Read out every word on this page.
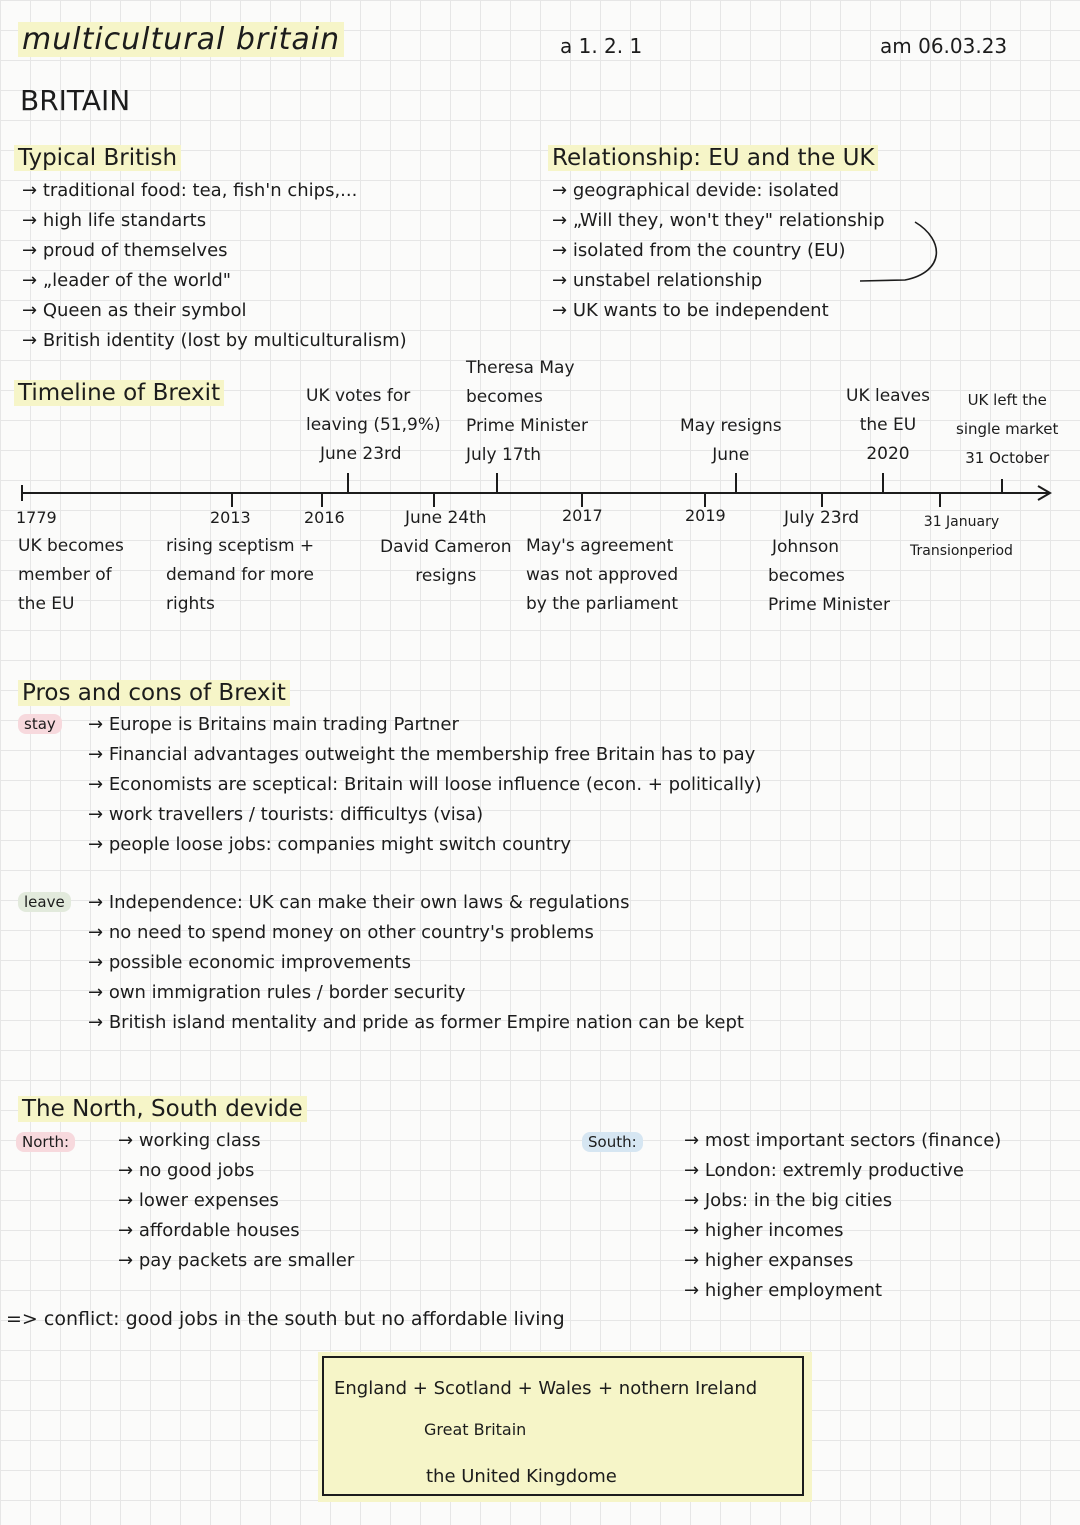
multicultural britain	a 1. 2. 1	am 06.03.23
BRITAIN
Typical British
→ traditional food: tea, fish'n chips,...
→ high life standarts
→ proud of themselves
→ „leader of the world"
→ Queen as their symbol
→ British identity (lost by multiculturalism)
Relationship: EU and the UK
→ geographical devide: isolated
→ „Will they, won't they" relationship
→ isolated from the country (EU)
→ unstabel relationship
→ UK wants to be independent
Timeline of Brexit
1779	2013	2016	2017	2019
UK votes for
leaving (51,9%)
June 23rd
Theresa May
becomes
Prime Minister
July 17th
May resigns
June
UK leaves
the EU
2020
UK left the
single market
31 October
UK becomes
member of
the EU
rising sceptism +
demand for more
rights
June 24th
David Cameron
resigns
May's agreement
was not approved
by the parliament
July 23rd
Johnson
becomes
Prime Minister
31 January
Transionperiod
Pros and cons of Brexit
stay	→ Europe is Britains main trading Partner
→ Financial advantages outweight the membership free Britain has to pay
→ Economists are sceptical: Britain will loose influence (econ. + politically)
→ work travellers / tourists: difficultys (visa)
→ people loose jobs: companies might switch country
leave	→ Independence: UK can make their own laws & regulations
→ no need to spend money on other country's problems
→ possible economic improvements
→ own immigration rules / border security
→ British island mentality and pride as former Empire nation can be kept
The North, South devide
North:	→ working class
→ no good jobs
→ lower expenses
→ affordable houses
→ pay packets are smaller
South:	→ most important sectors (finance)
→ London: extremly productive
→ Jobs: in the big cities
→ higher incomes
→ higher expanses
→ higher employment
=> conflict: good jobs in the south but no affordable living
England + Scotland + Wales + nothern Ireland
Great Britain
the United Kingdome
